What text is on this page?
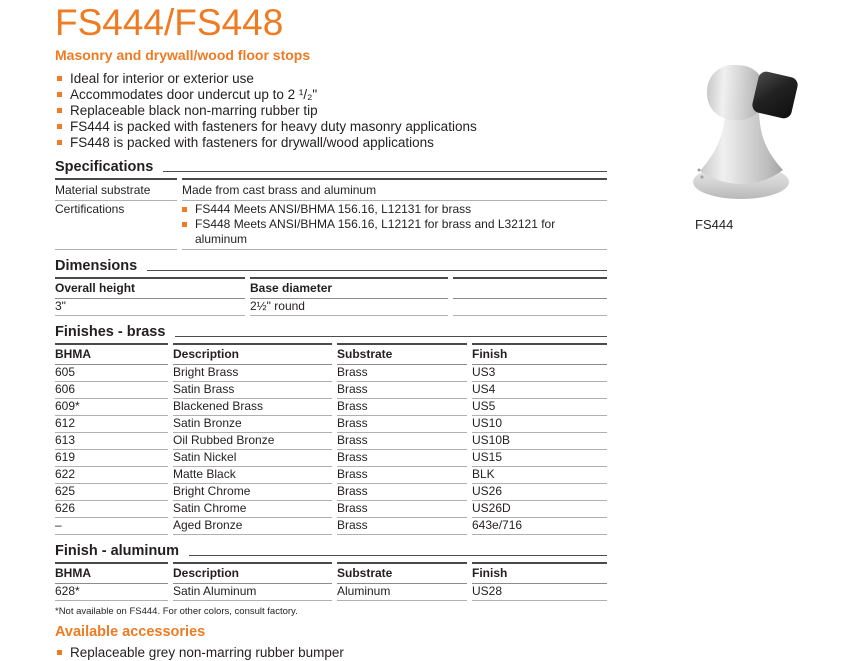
FS444/FS448
Masonry and drywall/wood floor stops
Ideal for interior or exterior use
Accommodates door undercut up to 2 ¹/₂"
Replaceable black non-marring rubber tip
FS444 is packed with fasteners for heavy duty masonry applications
FS448 is packed with fasteners for drywall/wood applications
Specifications
Material substrate	Made from cast brass and aluminum
Certifications	FS444 Meets ANSI/BHMA 156.16, L12131 for brass
FS448 Meets ANSI/BHMA 156.16, L12121 for brass and L32121 for aluminum
Dimensions
Overall height	Base diameter	
3"	2½" round	
Finishes - brass
BHMA	Description	Substrate	Finish
605	Bright Brass	Brass	US3
606	Satin Brass	Brass	US4
609*	Blackened Brass	Brass	US5
612	Satin Bronze	Brass	US10
613	Oil Rubbed Bronze	Brass	US10B
619	Satin Nickel	Brass	US15
622	Matte Black	Brass	BLK
625	Bright Chrome	Brass	US26
626	Satin Chrome	Brass	US26D
–	Aged Bronze	Brass	643e/716
Finish - aluminum
BHMA	Description	Substrate	Finish
628*	Satin Aluminum	Aluminum	US28
*Not available on FS444. For other colors, consult factory.
Available accessories
Replaceable grey non-marring rubber bumper
FS444
